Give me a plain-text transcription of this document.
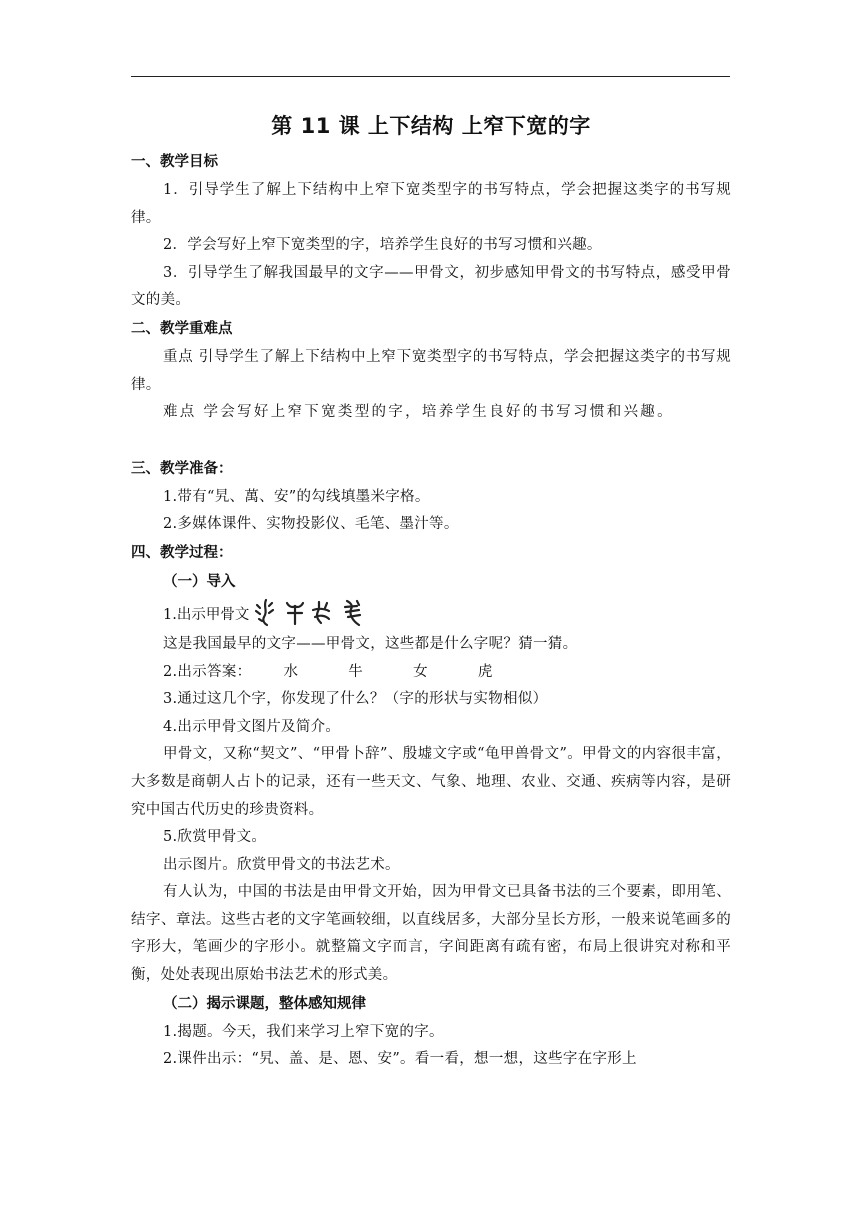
第 11 课 上下结构 上窄下宽的字
一、教学目标

1．引导学生了解上下结构中上窄下宽类型字的书写特点，学会把握这类字的书写规律。

2．学会写好上窄下宽类型的字，培养学生良好的书写习惯和兴趣。

3．引导学生了解我国最早的文字——甲骨文，初步感知甲骨文的书写特点，感受甲骨文的美。

二、教学重难点

重点 引导学生了解上下结构中上窄下宽类型字的书写特点，学会把握这类字的书写规律。

难点 学会写好上窄下宽类型的字，培养学生良好的书写习惯和兴趣。

三、教学准备：

1.带有“旯、萬、安”的勾线填墨米字格。

2.多媒体课件、实物投影仪、毛笔、墨汁等。

四、教学过程：
（一）导入
1.出示甲骨文

这是我国最早的文字——甲骨文，这些都是什么字呢？猜一猜。

2.出示答案： 水	牛	女	虎

3.通过这几个字，你发现了什么？（字的形状与实物相似）

4.出示甲骨文图片及简介。

甲骨文，又称“契文”、“甲骨卜辞”、殷墟文字或“龟甲兽骨文”。甲骨文的内容很丰富，大多数是商朝人占卜的记录，还有一些天文、气象、地理、农业、交通、疾病等内容，是研究中国古代历史的珍贵资料。

5.欣赏甲骨文。

出示图片。欣赏甲骨文的书法艺术。

有人认为，中国的书法是由甲骨文开始，因为甲骨文已具备书法的三个要素，即用笔、结字、章法。这些古老的文字笔画较细，以直线居多，大部分呈长方形，一般来说笔画多的字形大，笔画少的字形小。就整篇文字而言，字间距离有疏有密，布局上很讲究对称和平衡，处处表现出原始书法艺术的形式美。

（二）揭示课题，整体感知规律

1.揭题。今天，我们来学习上窄下宽的字。

2.课件出示：“旯、盖、是、恩、安”。看一看，想一想，这些字在字形上
